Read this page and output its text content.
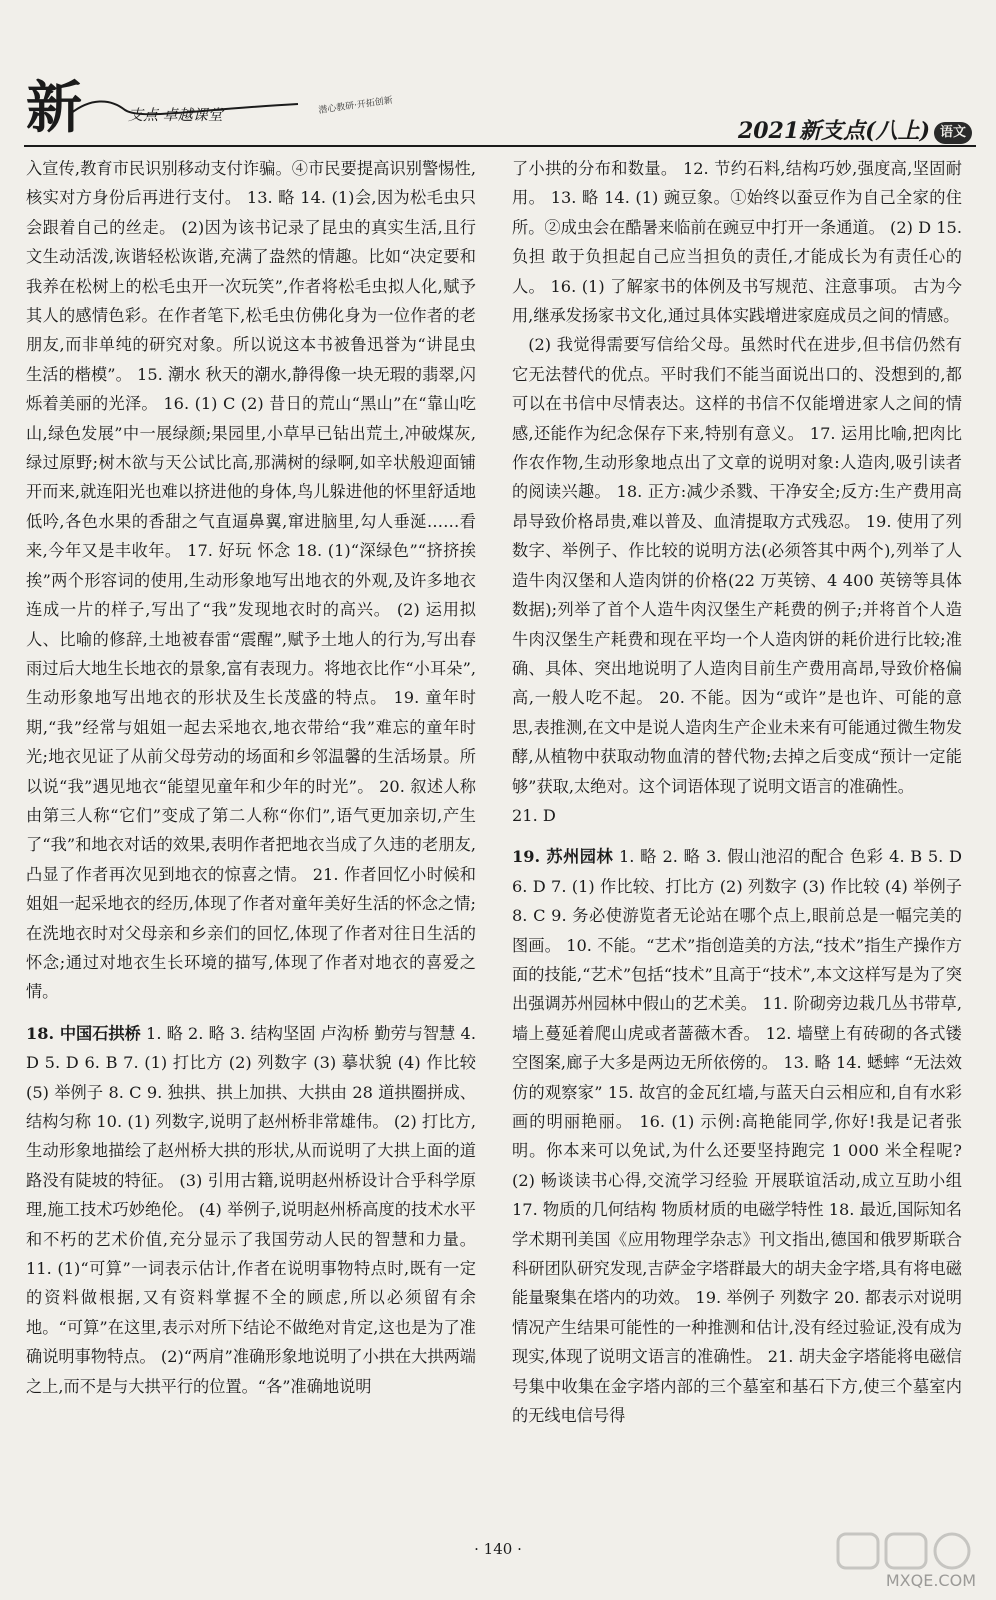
新	支点 卓越课堂	潜心教研·开拓创新
2021新支点(八上) 语文

入宣传,教育市民识别移动支付诈骗。④市民要提高识别警惕性,核实对方身份后再进行支付。 13. 略 14. (1)会,因为松毛虫只会跟着自己的丝走。 (2)因为该书记录了昆虫的真实生活,且行文生动活泼,诙谐轻松诙谐,充满了盎然的情趣。比如“决定要和我养在松树上的松毛虫开一次玩笑”,作者将松毛虫拟人化,赋予其人的感情色彩。在作者笔下,松毛虫仿佛化身为一位作者的老朋友,而非单纯的研究对象。所以说这本书被鲁迅誉为“讲昆虫生活的楷模”。 15. 潮水 秋天的潮水,静得像一块无瑕的翡翠,闪烁着美丽的光泽。 16. (1) C (2) 昔日的荒山“黑山”在“靠山吃山,绿色发展”中一展绿颜;果园里,小草早已钻出荒土,冲破煤灰,绿过原野;树木欲与天公试比高,那满树的绿啊,如辛状般迎面铺开而来,就连阳光也难以挤进他的身体,鸟儿躲进他的怀里舒适地低吟,各色水果的香甜之气直逼鼻翼,窜进脑里,勾人垂涎……看来,今年又是丰收年。 17. 好玩 怀念 18. (1)“深绿色”“挤挤挨挨”两个形容词的使用,生动形象地写出地衣的外观,及许多地衣连成一片的样子,写出了“我”发现地衣时的高兴。 (2) 运用拟人、比喻的修辞,土地被春雷“震醒”,赋予土地人的行为,写出春雨过后大地生长地衣的景象,富有表现力。将地衣比作“小耳朵”,生动形象地写出地衣的形状及生长茂盛的特点。 19. 童年时期,“我”经常与姐姐一起去采地衣,地衣带给“我”难忘的童年时光;地衣见证了从前父母劳动的场面和乡邻温馨的生活场景。所以说“我”遇见地衣“能望见童年和少年的时光”。 20. 叙述人称由第三人称“它们”变成了第二人称“你们”,语气更加亲切,产生了“我”和地衣对话的效果,表明作者把地衣当成了久违的老朋友,凸显了作者再次见到地衣的惊喜之情。 21. 作者回忆小时候和姐姐一起采地衣的经历,体现了作者对童年美好生活的怀念之情;在洗地衣时对父母亲和乡亲们的回忆,体现了作者对往日生活的怀念;通过对地衣生长环境的描写,体现了作者对地衣的喜爱之情。

18. 中国石拱桥 1. 略 2. 略 3. 结构坚固 卢沟桥 勤劳与智慧 4. D 5. D 6. B 7. (1) 打比方 (2) 列数字 (3) 摹状貌 (4) 作比较 (5) 举例子 8. C 9. 独拱、拱上加拱、大拱由 28 道拱圈拼成、结构匀称 10. (1) 列数字,说明了赵州桥非常雄伟。 (2) 打比方,生动形象地描绘了赵州桥大拱的形状,从而说明了大拱上面的道路没有陡坡的特征。 (3) 引用古籍,说明赵州桥设计合乎科学原理,施工技术巧妙绝伦。 (4) 举例子,说明赵州桥高度的技术水平和不朽的艺术价值,充分显示了我国劳动人民的智慧和力量。 11. (1)“可算”一词表示估计,作者在说明事物特点时,既有一定的资料做根据,又有资料掌握不全的顾虑,所以必须留有余地。“可算”在这里,表示对所下结论不做绝对肯定,这也是为了准确说明事物特点。 (2)“两肩”准确形象地说明了小拱在大拱两端之上,而不是与大拱平行的位置。“各”准确地说明

了小拱的分布和数量。 12. 节约石料,结构巧妙,强度高,坚固耐用。 13. 略 14. (1) 豌豆象。①始终以蚕豆作为自己全家的住所。②成虫会在酷暑来临前在豌豆中打开一条通道。 (2) D 15. 负担 敢于负担起自己应当担负的责任,才能成长为有责任心的人。 16. (1) 了解家书的体例及书写规范、注意事项。 古为今用,继承发扬家书文化,通过具体实践增进家庭成员之间的情感。

(2) 我觉得需要写信给父母。虽然时代在进步,但书信仍然有它无法替代的优点。平时我们不能当面说出口的、没想到的,都可以在书信中尽情表达。这样的书信不仅能增进家人之间的情感,还能作为纪念保存下来,特别有意义。 17. 运用比喻,把肉比作农作物,生动形象地点出了文章的说明对象:人造肉,吸引读者的阅读兴趣。 18. 正方:减少杀戮、干净安全;反方:生产费用高昂导致价格昂贵,难以普及、血清提取方式残忍。 19. 使用了列数字、举例子、作比较的说明方法(必须答其中两个),列举了人造牛肉汉堡和人造肉饼的价格(22 万英镑、4 400 英镑等具体数据);列举了首个人造牛肉汉堡生产耗费的例子;并将首个人造牛肉汉堡生产耗费和现在平均一个人造肉饼的耗价进行比较;准确、具体、突出地说明了人造肉目前生产费用高昂,导致价格偏高,一般人吃不起。 20. 不能。因为“或许”是也许、可能的意思,表推测,在文中是说人造肉生产企业未来有可能通过微生物发酵,从植物中获取动物血清的替代物;去掉之后变成“预计一定能够”获取,太绝对。这个词语体现了说明文语言的准确性。

21. D

19. 苏州园林 1. 略 2. 略 3. 假山池沼的配合 色彩 4. B 5. D 6. D 7. (1) 作比较、打比方 (2) 列数字 (3) 作比较 (4) 举例子 8. C 9. 务必使游览者无论站在哪个点上,眼前总是一幅完美的图画。 10. 不能。“艺术”指创造美的方法,“技术”指生产操作方面的技能,“艺术”包括“技术”且高于“技术”,本文这样写是为了突出强调苏州园林中假山的艺术美。 11. 阶砌旁边栽几丛书带草,墙上蔓延着爬山虎或者蔷薇木香。 12. 墙壁上有砖砌的各式镂空图案,廊子大多是两边无所依傍的。 13. 略 14. 蟋蟀 “无法效仿的观察家” 15. 故宫的金瓦红墙,与蓝天白云相应和,自有水彩画的明丽艳丽。 16. (1) 示例:高艳能同学,你好!我是记者张明。你本来可以免试,为什么还要坚持跑完 1 000 米全程呢? (2) 畅谈读书心得,交流学习经验 开展联谊活动,成立互助小组 17. 物质的几何结构 物质材质的电磁学特性 18. 最近,国际知名学术期刊美国《应用物理学杂志》刊文指出,德国和俄罗斯联合科研团队研究发现,吉萨金字塔群最大的胡夫金字塔,具有将电磁能量聚集在塔内的功效。 19. 举例子 列数字 20. 都表示对说明情况产生结果可能性的一种推测和估计,没有经过验证,没有成为现实,体现了说明文语言的准确性。 21. 胡夫金字塔能将电磁信号集中收集在金字塔内部的三个墓室和基石下方,使三个墓室内的无线电信号得

· 140 ·
MXQE.COM
